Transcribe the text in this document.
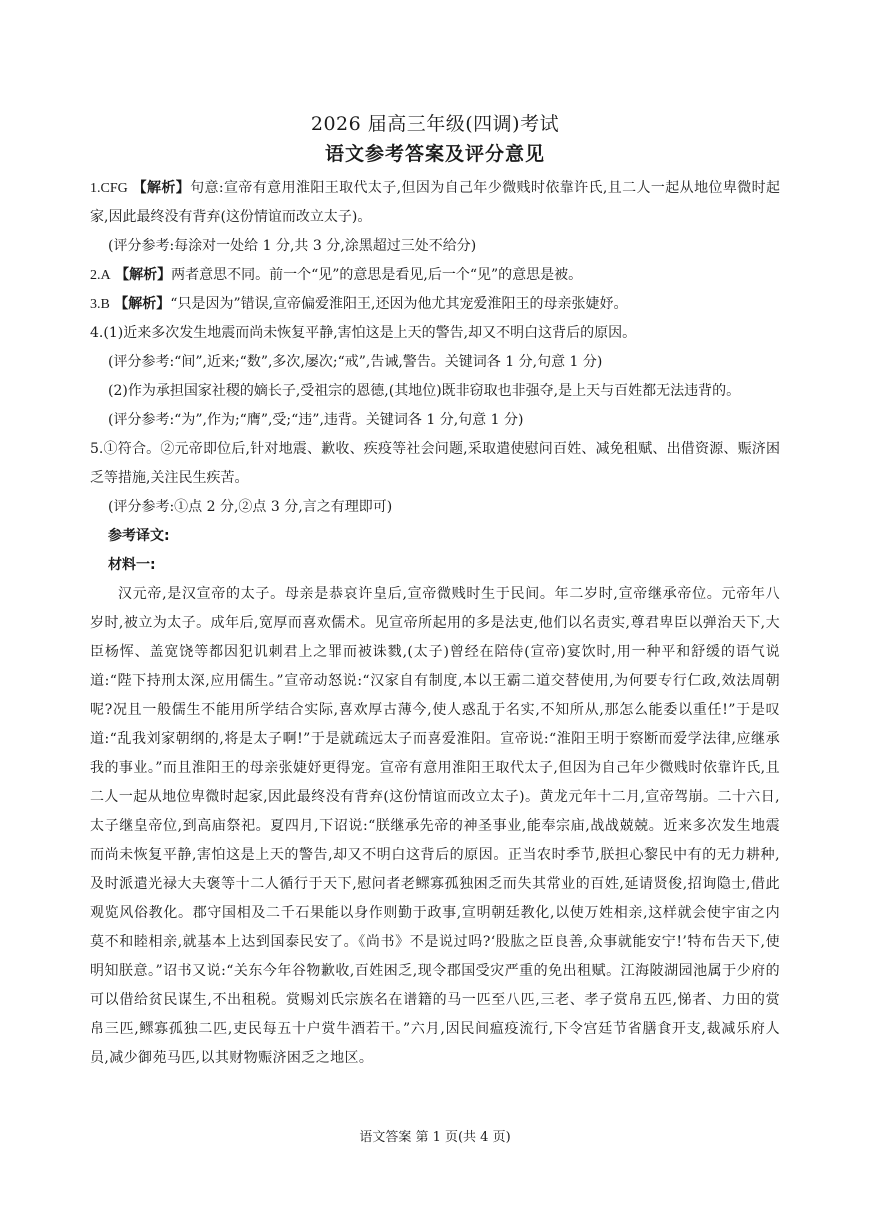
2026 届高三年级(四调)考试

语文参考答案及评分意见

1.CFG 【解析】句意:宣帝有意用淮阳王取代太子,但因为自己年少微贱时依靠许氏,且二人一起从地位卑微时起家,因此最终没有背弃(这份情谊而改立太子)。

(评分参考:每涂对一处给 1 分,共 3 分,涂黑超过三处不给分)

2.A 【解析】两者意思不同。前一个“见”的意思是看见,后一个“见”的意思是被。

3.B 【解析】“只是因为”错误,宣帝偏爱淮阳王,还因为他尤其宠爱淮阳王的母亲张婕妤。

4.(1)近来多次发生地震而尚未恢复平静,害怕这是上天的警告,却又不明白这背后的原因。

(评分参考:“间”,近来;“数”,多次,屡次;“戒”,告诫,警告。关键词各 1 分,句意 1 分)

(2)作为承担国家社稷的嫡长子,受祖宗的恩德,(其地位)既非窃取也非强夺,是上天与百姓都无法违背的。

(评分参考:“为”,作为;“膺”,受;“违”,违背。关键词各 1 分,句意 1 分)

5.①符合。②元帝即位后,针对地震、歉收、疾疫等社会问题,采取遣使慰问百姓、减免租赋、出借资源、赈济困乏等措施,关注民生疾苦。

(评分参考:①点 2 分,②点 3 分,言之有理即可)

参考译文:

材料一:

汉元帝,是汉宣帝的太子。母亲是恭哀许皇后,宣帝微贱时生于民间。年二岁时,宣帝继承帝位。元帝年八岁时,被立为太子。成年后,宽厚而喜欢儒术。见宣帝所起用的多是法吏,他们以名责实,尊君卑臣以弹治天下,大臣杨恽、盖宽饶等都因犯讥刺君上之罪而被诛戮,(太子)曾经在陪侍(宣帝)宴饮时,用一种平和舒缓的语气说道:“陛下持刑太深,应用儒生。”宣帝动怒说:“汉家自有制度,本以王霸二道交替使用,为何要专行仁政,效法周朝呢?况且一般儒生不能用所学结合实际,喜欢厚古薄今,使人惑乱于名实,不知所从,那怎么能委以重任!”于是叹道:“乱我刘家朝纲的,将是太子啊!”于是就疏远太子而喜爱淮阳。宣帝说:“淮阳王明于察断而爱学法律,应继承我的事业。”而且淮阳王的母亲张婕妤更得宠。宣帝有意用淮阳王取代太子,但因为自己年少微贱时依靠许氏,且二人一起从地位卑微时起家,因此最终没有背弃(这份情谊而改立太子)。黄龙元年十二月,宣帝驾崩。二十六日,太子继皇帝位,到高庙祭祀。夏四月,下诏说:“朕继承先帝的神圣事业,能奉宗庙,战战兢兢。近来多次发生地震而尚未恢复平静,害怕这是上天的警告,却又不明白这背后的原因。正当农时季节,朕担心黎民中有的无力耕种,及时派遣光禄大夫褒等十二人循行于天下,慰问者老鳏寡孤独困乏而失其常业的百姓,延请贤俊,招询隐士,借此观览风俗教化。郡守国相及二千石果能以身作则勤于政事,宣明朝廷教化,以使万姓相亲,这样就会使宇宙之内莫不和睦相亲,就基本上达到国泰民安了。《尚书》不是说过吗?‘股肱之臣良善,众事就能安宁!’特布告天下,使明知朕意。”诏书又说:“关东今年谷物歉收,百姓困乏,现令郡国受灾严重的免出租赋。江海陂湖园池属于少府的可以借给贫民谋生,不出租税。赏赐刘氏宗族名在谱籍的马一匹至八匹,三老、孝子赏帛五匹,悌者、力田的赏帛三匹,鳏寡孤独二匹,吏民每五十户赏牛酒若干。”六月,因民间瘟疫流行,下令宫廷节省膳食开支,裁减乐府人员,减少御苑马匹,以其财物赈济困乏之地区。

语文答案 第 1 页(共 4 页)
